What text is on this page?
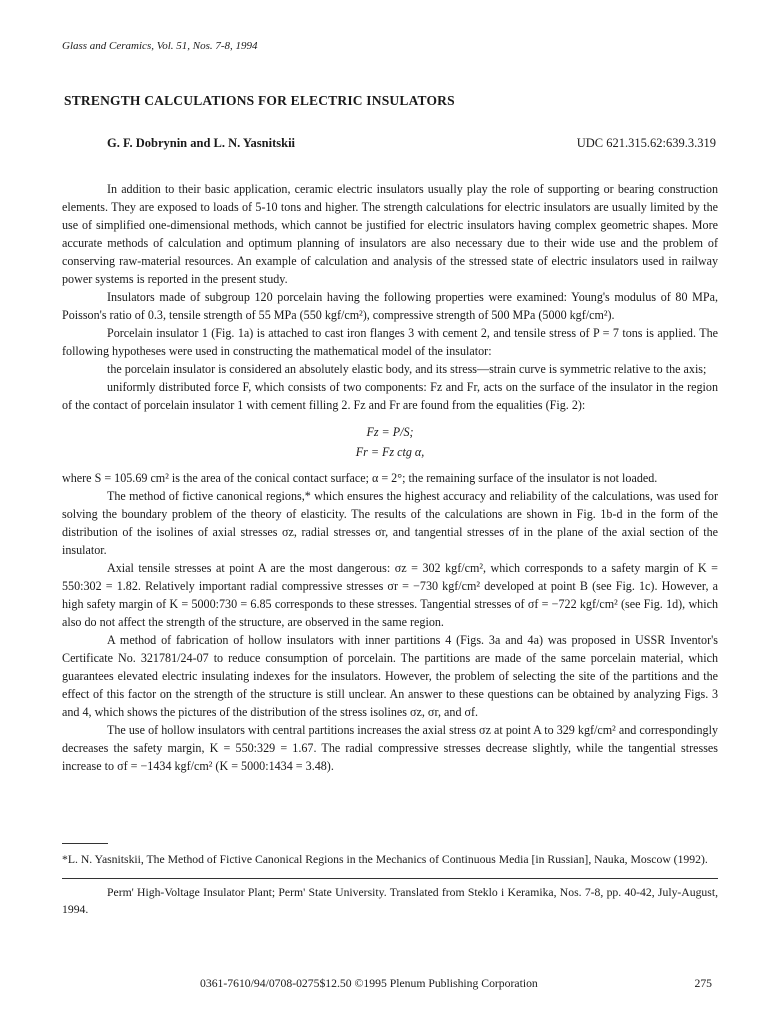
Glass and Ceramics, Vol. 51, Nos. 7-8, 1994
STRENGTH CALCULATIONS FOR ELECTRIC INSULATORS
G. F. Dobrynin and L. N. Yasnitskii	UDC 621.315.62:639.3.319

In addition to their basic application, ceramic electric insulators usually play the role of supporting or bearing construction elements. They are exposed to loads of 5-10 tons and higher. The strength calculations for electric insulators are usually limited by the use of simplified one-dimensional methods, which cannot be justified for electric insulators having complex geometric shapes. More accurate methods of calculation and optimum planning of insulators are also necessary due to their wide use and the problem of conserving raw-material resources. An example of calculation and analysis of the stressed state of electric insulators used in railway power systems is reported in the present study.

Insulators made of subgroup 120 porcelain having the following properties were examined: Young's modulus of 80 MPa, Poisson's ratio of 0.3, tensile strength of 55 MPa (550 kgf/cm²), compressive strength of 500 MPa (5000 kgf/cm²).

Porcelain insulator 1 (Fig. 1a) is attached to cast iron flanges 3 with cement 2, and tensile stress of P = 7 tons is applied. The following hypotheses were used in constructing the mathematical model of the insulator:

the porcelain insulator is considered an absolutely elastic body, and its stress—strain curve is symmetric relative to the axis;

uniformly distributed force F, which consists of two components: Fz and Fr, acts on the surface of the insulator in the region of the contact of porcelain insulator 1 with cement filling 2. Fz and Fr are found from the equalities (Fig. 2):

Fz = P/S;
Fr = Fz ctg α,

where S = 105.69 cm² is the area of the conical contact surface; α = 2°; the remaining surface of the insulator is not loaded.

The method of fictive canonical regions,* which ensures the highest accuracy and reliability of the calculations, was used for solving the boundary problem of the theory of elasticity. The results of the calculations are shown in Fig. 1b-d in the form of the distribution of the isolines of axial stresses σz, radial stresses σr, and tangential stresses σf in the plane of the axial section of the insulator.

Axial tensile stresses at point A are the most dangerous: σz = 302 kgf/cm², which corresponds to a safety margin of K = 550:302 = 1.82. Relatively important radial compressive stresses σr = −730 kgf/cm² developed at point B (see Fig. 1c). However, a high safety margin of K = 5000:730 = 6.85 corresponds to these stresses. Tangential stresses of σf = −722 kgf/cm² (see Fig. 1d), which also do not affect the strength of the structure, are observed in the same region.

A method of fabrication of hollow insulators with inner partitions 4 (Figs. 3a and 4a) was proposed in USSR Inventor's Certificate No. 321781/24-07 to reduce consumption of porcelain. The partitions are made of the same porcelain material, which guarantees elevated electric insulating indexes for the insulators. However, the problem of selecting the site of the partitions and the effect of this factor on the strength of the structure is still unclear. An answer to these questions can be obtained by analyzing Figs. 3 and 4, which shows the pictures of the distribution of the stress isolines σz, σr, and σf.

The use of hollow insulators with central partitions increases the axial stress σz at point A to 329 kgf/cm² and correspondingly decreases the safety margin, K = 550:329 = 1.67. The radial compressive stresses decrease slightly, while the tangential stresses increase to σf = −1434 kgf/cm² (K = 5000:1434 = 3.48).

*L. N. Yasnitskii, The Method of Fictive Canonical Regions in the Mechanics of Continuous Media [in Russian], Nauka, Moscow (1992).

Perm' High-Voltage Insulator Plant; Perm' State University. Translated from Steklo i Keramika, Nos. 7-8, pp. 40-42, July-August, 1994.

0361-7610/94/0708-0275$12.50 ©1995 Plenum Publishing Corporation	275
